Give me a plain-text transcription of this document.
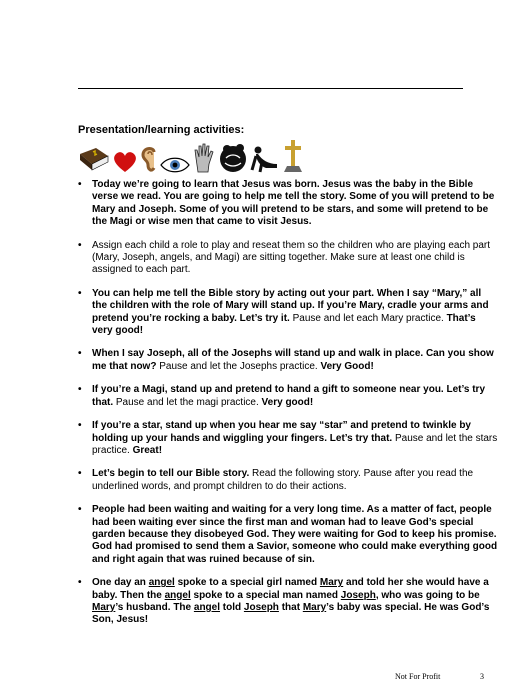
Presentation/learning activities:
• Today we’re going to learn that Jesus was born. Jesus was the baby in the Bible verse we read. You are going to help me tell the story. Some of you will pretend to be Mary and Joseph. Some of you will pretend to be stars, and some will pretend to be the Magi or wise men that came to visit Jesus.
• Assign each child a role to play and reseat them so the children who are playing each part (Mary, Joseph, angels, and Magi) are sitting together. Make sure at least one child is assigned to each part.
• You can help me tell the Bible story by acting out your part. When I say “Mary,” all the children with the role of Mary will stand up. If you’re Mary, cradle your arms and pretend you’re rocking a baby. Let’s try it. Pause and let each Mary practice. That’s very good!
• When I say Joseph, all of the Josephs will stand up and walk in place. Can you show me that now? Pause and let the Josephs practice. Very Good!
• If you’re a Magi, stand up and pretend to hand a gift to someone near you. Let’s try that. Pause and let the magi practice. Very good!
• If you’re a star, stand up when you hear me say “star” and pretend to twinkle by holding up your hands and wiggling your fingers. Let’s try that. Pause and let the stars practice. Great!
• Let’s begin to tell our Bible story. Read the following story. Pause after you read the underlined words, and prompt children to do their actions.
• People had been waiting and waiting for a very long time. As a matter of fact, people had been waiting ever since the first man and woman had to leave God’s special garden because they disobeyed God. They were waiting for God to keep his promise. God had promised to send them a Savior, someone who could make everything good and right again that was ruined because of sin.
• One day an angel spoke to a special girl named Mary and told her she would have a baby. Then the angel spoke to a special man named Joseph, who was going to be Mary’s husband. The angel told Joseph that Mary’s baby was special. He was God’s Son, Jesus!
Not For Profit	3
